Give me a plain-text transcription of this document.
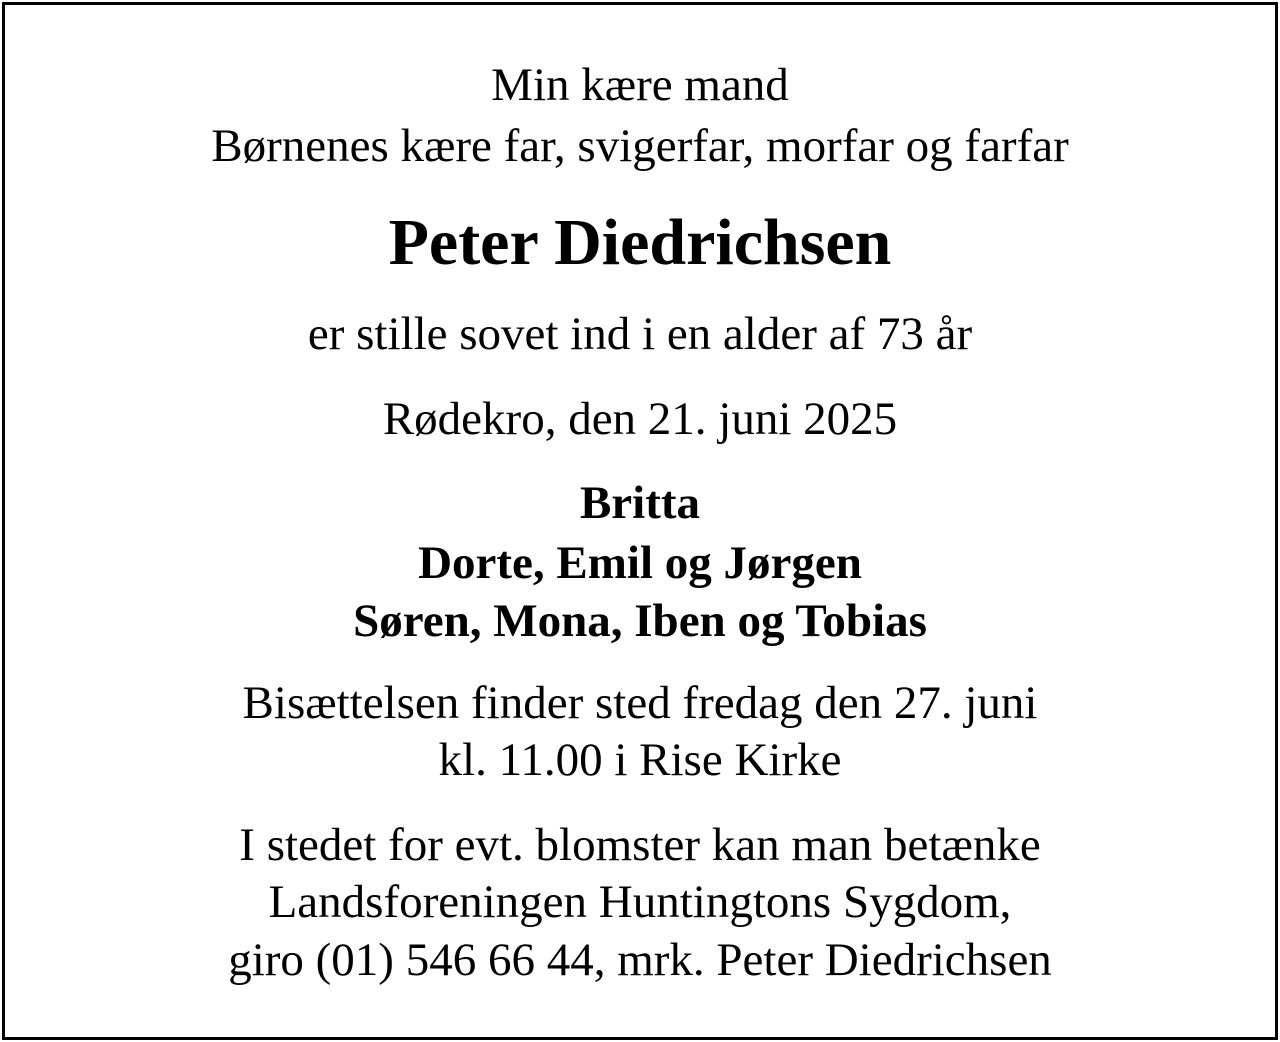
Min kære mand
Børnenes kære far, svigerfar, morfar og farfar
Peter Diedrichsen
er stille sovet ind i en alder af 73 år
Rødekro, den 21. juni 2025
Britta
Dorte, Emil og Jørgen
Søren, Mona, Iben og Tobias
Bisættelsen finder sted fredag den 27. juni
kl. 11.00 i Rise Kirke
I stedet for evt. blomster kan man betænke
Landsforeningen Huntingtons Sygdom,
giro (01) 546 66 44, mrk. Peter Diedrichsen
